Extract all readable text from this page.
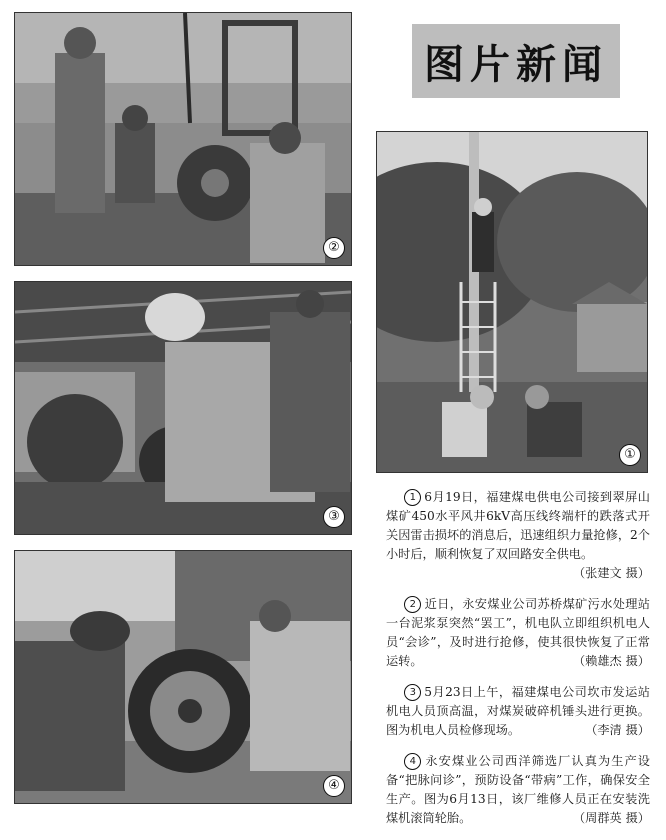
②
③
④
图片新闻
①

1 6月19日，福建煤电供电公司接到翠屏山煤矿450水平风井6kV高压线终端杆的跌落式开关因雷击损坏的消息后，迅速组织力量抢修，2个小时后，顺利恢复了双回路安全供电。
（张建文 摄）

2 近日，永安煤业公司苏桥煤矿污水处理站一台泥浆泵突然“罢工”，机电队立即组织机电人员“会诊”，及时进行抢修，使其很快恢复了正常运转。	（赖雄杰 摄）

3 5月23日上午，福建煤电公司坎市发运站机电人员顶高温，对煤炭破碎机锤头进行更换。图为机电人员检修现场。	（李清 摄）

4 永安煤业公司西洋筛选厂认真为生产设备“把脉问诊”，预防设备“带病”工作，确保安全生产。图为6月13日，该厂维修人员正在安装洗煤机滚筒轮胎。	（周群英 摄）
